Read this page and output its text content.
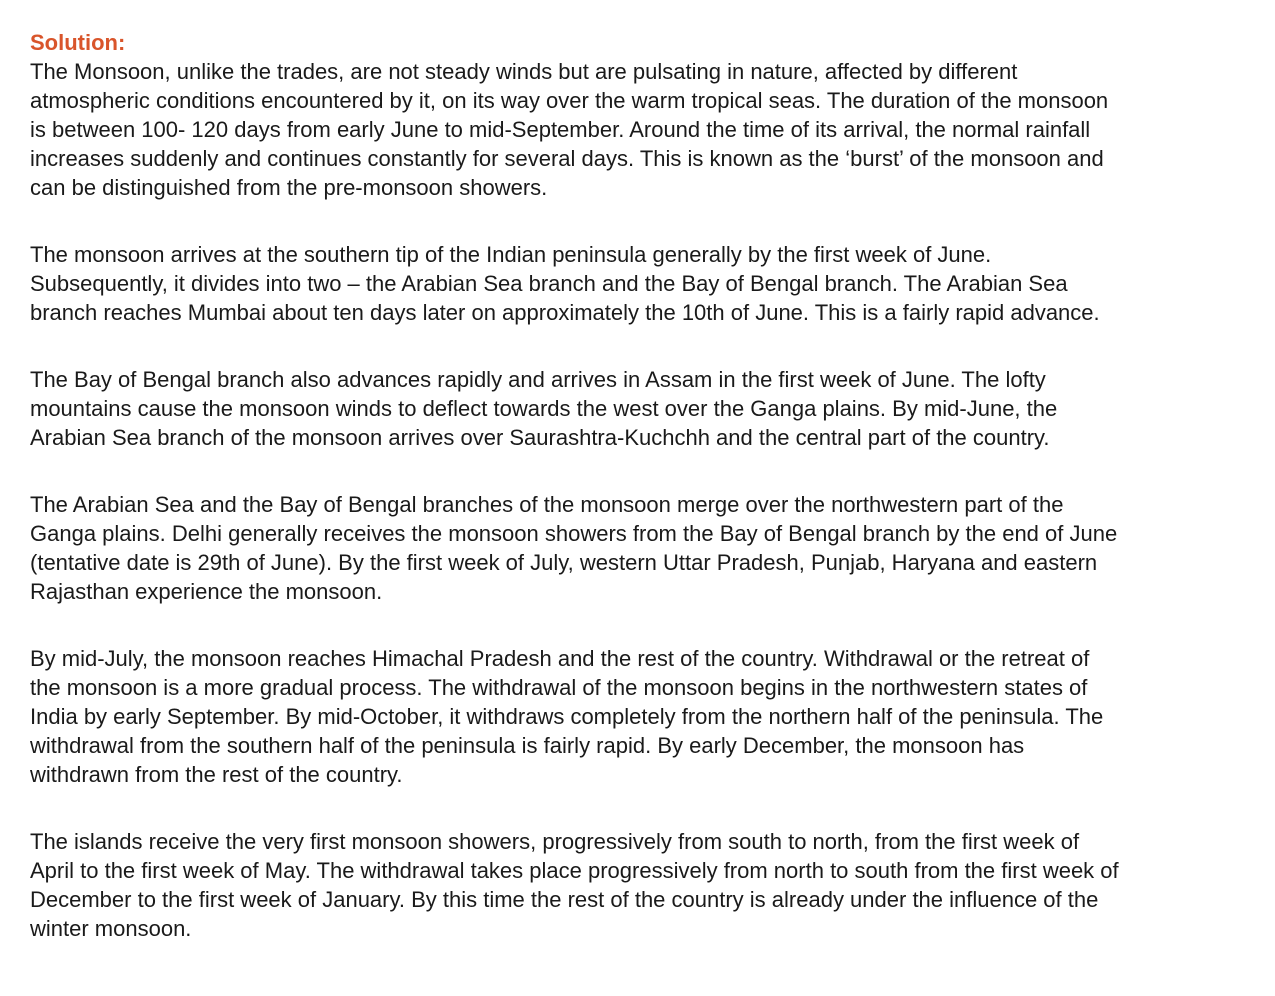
Solution:

The Monsoon, unlike the trades, are not steady winds but are pulsating in nature, affected by different
atmospheric conditions encountered by it, on its way over the warm tropical seas. The duration of the monsoon
is between 100- 120 days from early June to mid-September. Around the time of its arrival, the normal rainfall
increases suddenly and continues constantly for several days. This is known as the ‘burst’ of the monsoon and
can be distinguished from the pre-monsoon showers.
The monsoon arrives at the southern tip of the Indian peninsula generally by the first week of June.
Subsequently, it divides into two – the Arabian Sea branch and the Bay of Bengal branch. The Arabian Sea
branch reaches Mumbai about ten days later on approximately the 10th of June. This is a fairly rapid advance.
The Bay of Bengal branch also advances rapidly and arrives in Assam in the first week of June. The lofty
mountains cause the monsoon winds to deflect towards the west over the Ganga plains. By mid-June, the
Arabian Sea branch of the monsoon arrives over Saurashtra-Kuchchh and the central part of the country.
The Arabian Sea and the Bay of Bengal branches of the monsoon merge over the northwestern part of the
Ganga plains. Delhi generally receives the monsoon showers from the Bay of Bengal branch by the end of June
(tentative date is 29th of June). By the first week of July, western Uttar Pradesh, Punjab, Haryana and eastern
Rajasthan experience the monsoon.
By mid-July, the monsoon reaches Himachal Pradesh and the rest of the country. Withdrawal or the retreat of
the monsoon is a more gradual process. The withdrawal of the monsoon begins in the northwestern states of
India by early September. By mid-October, it withdraws completely from the northern half of the peninsula. The
withdrawal from the southern half of the peninsula is fairly rapid. By early December, the monsoon has
withdrawn from the rest of the country.
The islands receive the very first monsoon showers, progressively from south to north, from the first week of
April to the first week of May. The withdrawal takes place progressively from north to south from the first week of
December to the first week of January. By this time the rest of the country is already under the influence of the
winter monsoon.
